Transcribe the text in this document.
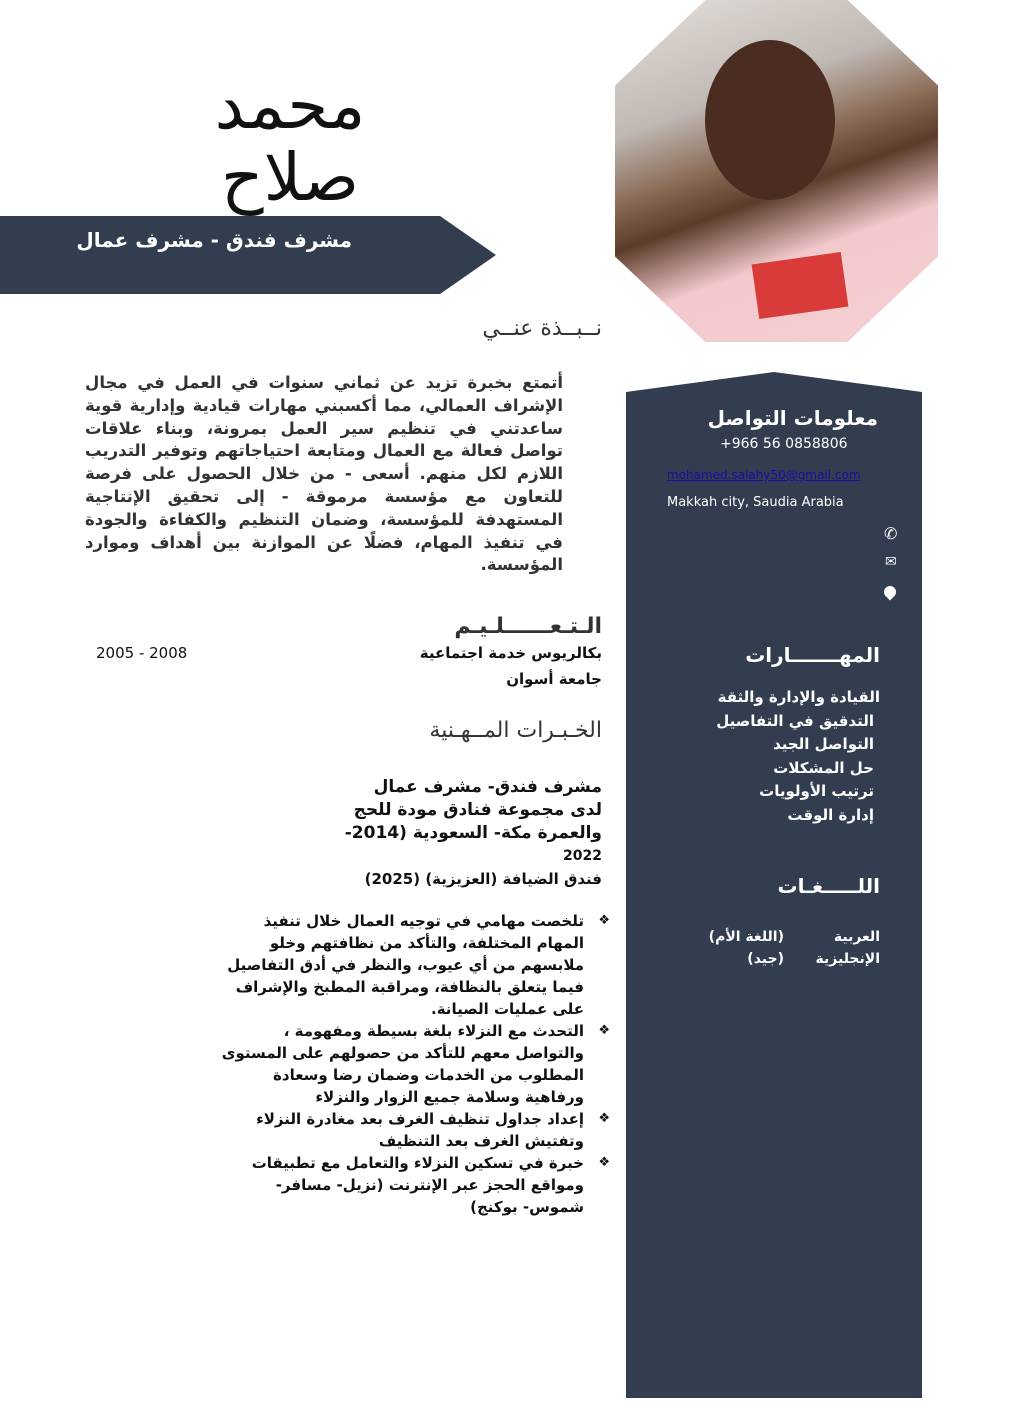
محمد
صلاح
مشرف فندق - مشرف عمال
نــبــذة عنــي
أتمتع بخبرة تزيد عن ثماني سنوات في العمل في مجال الإشراف العمالي، مما أكسبني مهارات قيادية وإدارية قوية ساعدتني في تنظيم سير العمل بمرونة، وبناء علاقات تواصل فعالة مع العمال ومتابعة احتياجاتهم وتوفير التدريب اللازم لكل منهم. أسعى - من خلال الحصول على فرصة للتعاون مع مؤسسة مرموقة - إلى تحقيق الإنتاجية المستهدفة للمؤسسة، وضمان التنظيم والكفاءة والجودة في تنفيذ المهام، فضلًا عن الموازنة بين أهداف وموارد المؤسسة.
الـتـعــــــلـيـم
بكالريوس خدمة اجتماعية
جامعة أسوان
2005 - 2008
الخـبـرات المــهـنية
مشرف فندق- مشرف عمال
لدى مجموعة فنادق مودة للحج
والعمرة مكة- السعودية (2014-
2022
فندق الضيافة (العزيزية) (2025)
❖
تلخصت مهامي في توجيه العمال خلال تنفيذ المهام المختلفة، والتأكد من نظافتهم وخلو ملابسهم من أي عيوب، والنظر في أدق التفاصيل فيما يتعلق بالنظافة، ومراقبة المطبخ والإشراف على عمليات الصيانة.
❖
التحدث مع النزلاء بلغة بسيطة ومفهومة ، والتواصل معهم للتأكد من حصولهم على المستوى المطلوب من الخدمات وضمان رضا وسعادة ورفاهية وسلامة جميع الزوار والنزلاء
❖
إعداد جداول تنظيف الغرف بعد مغادرة النزلاء وتفتيش الغرف بعد التنظيف
❖
خبرة في تسكين النزلاء والتعامل مع تطبيقات ومواقع الحجز عبر الإنترنت (نزيل- مسافر- شموس- بوكنج)
معلومات التواصل
+966 56 0858806
mohamed.salahy50@gmail.com
Makkah city, Saudia Arabia
✆
✉
المهـــــــارات
القيادة والإدارة والثقة
التدقيق في التفاصيل
التواصل الجيد
حل المشكلات
ترتيب الأولويات
إدارة الوقت
اللـــــغـات
العربية(اللغة الأم)
الإنجليزية(جيد)
